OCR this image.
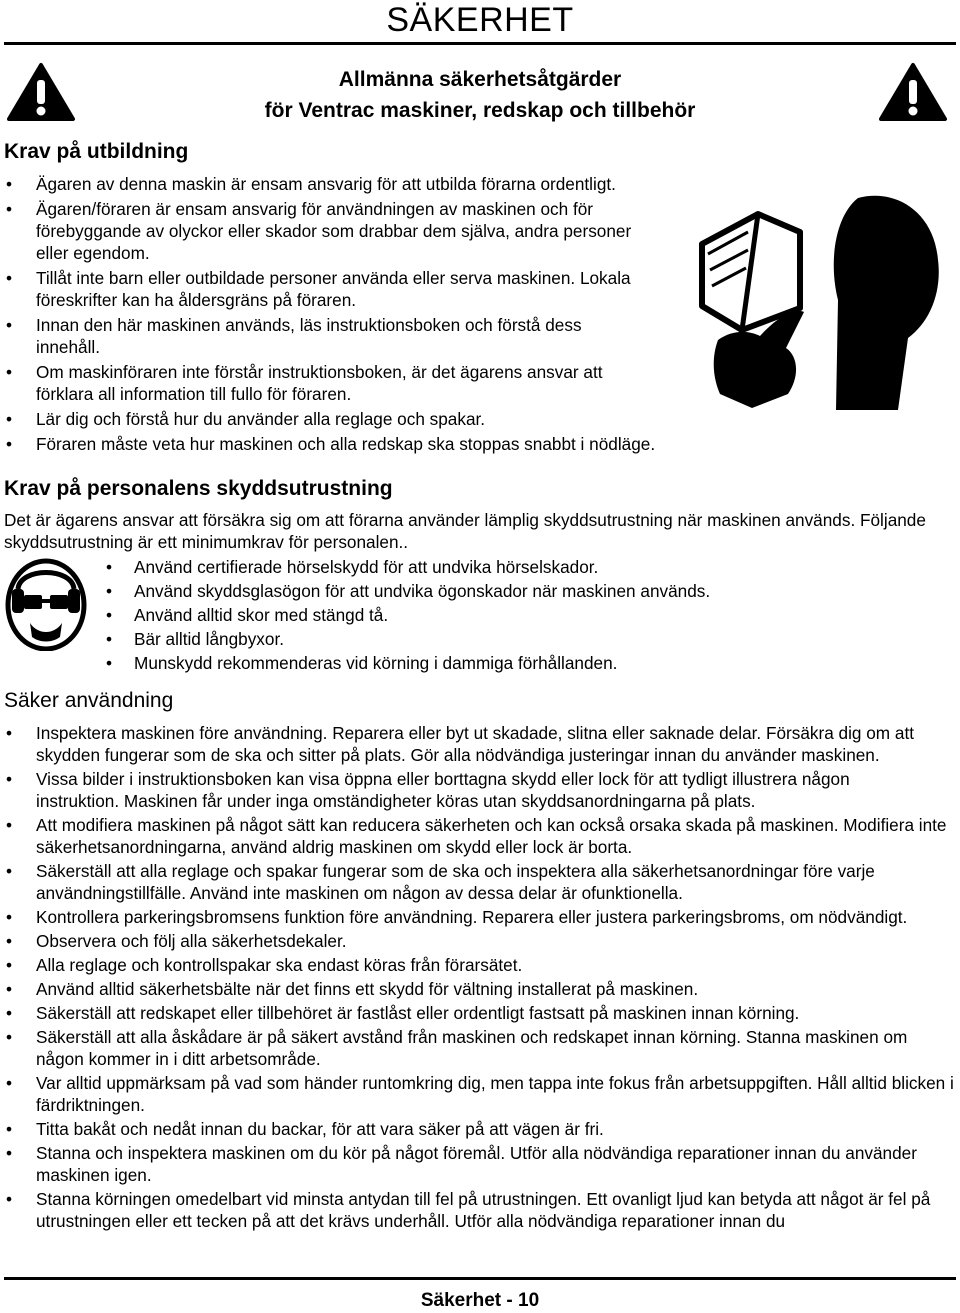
SÄKERHET
Allmänna säkerhetsåtgärder
för Ventrac maskiner, redskap och tillbehör
Krav på utbildning
• Ägaren av denna maskin är ensam ansvarig för att utbilda förarna ordentligt.
• Ägaren/föraren är ensam ansvarig för användningen av maskinen och för förebyggande av olyckor eller skador som drabbar dem själva, andra personer eller egendom.
• Tillåt inte barn eller outbildade personer använda eller serva maskinen. Lokala föreskrifter kan ha åldersgräns på föraren.
• Innan den här maskinen används, läs instruktionsboken och förstå dess innehåll.
• Om maskinföraren inte förstår instruktionsboken, är det ägarens ansvar att förklara all information till fullo för föraren.
• Lär dig och förstå hur du använder alla reglage och spakar.
• Föraren måste veta hur maskinen och alla redskap ska stoppas snabbt i nödläge.
Krav på personalens skyddsutrustning
Det är ägarens ansvar att försäkra sig om att förarna använder lämplig skyddsutrustning när maskinen används. Följande skyddsutrustning är ett minimumkrav för personalen..
• Använd certifierade hörselskydd för att undvika hörselskador.
• Använd skyddsglasögon för att undvika ögonskador när maskinen används.
• Använd alltid skor med stängd tå.
• Bär alltid långbyxor.
• Munskydd rekommenderas vid körning i dammiga förhållanden.
Säker användning
• Inspektera maskinen före användning. Reparera eller byt ut skadade, slitna eller saknade delar. Försäkra dig om att skydden fungerar som de ska och sitter på plats. Gör alla nödvändiga justeringar innan du använder maskinen.
• Vissa bilder i instruktionsboken kan visa öppna eller borttagna skydd eller lock för att tydligt illustrera någon instruktion. Maskinen får under inga omständigheter köras utan skyddsanordningarna på plats.
• Att modifiera maskinen på något sätt kan reducera säkerheten och kan också orsaka skada på maskinen. Modifiera inte säkerhetsanordningarna, använd aldrig maskinen om skydd eller lock är borta.
• Säkerställ att alla reglage och spakar fungerar som de ska och inspektera alla säkerhetsanordningar före varje användningstillfälle. Använd inte maskinen om någon av dessa delar är ofunktionella.
• Kontrollera parkeringsbromsens funktion före användning. Reparera eller justera parkeringsbroms, om nödvändigt.
• Observera och följ alla säkerhetsdekaler.
• Alla reglage och kontrollspakar ska endast köras från förarsätet.
• Använd alltid säkerhetsbälte när det finns ett skydd för vältning installerat på maskinen.
• Säkerställ att redskapet eller tillbehöret är fastlåst eller ordentligt fastsatt på maskinen innan körning.
• Säkerställ att alla åskådare är på säkert avstånd från maskinen och redskapet innan körning. Stanna maskinen om någon kommer in i ditt arbetsområde.
• Var alltid uppmärksam på vad som händer runtomkring dig, men tappa inte fokus från arbetsuppgiften. Håll alltid blicken i färdriktningen.
• Titta bakåt och nedåt innan du backar, för att vara säker på att vägen är fri.
• Stanna och inspektera maskinen om du kör på något föremål. Utför alla nödvändiga reparationer innan du använder maskinen igen.
• Stanna körningen omedelbart vid minsta antydan till fel på utrustningen. Ett ovanligt ljud kan betyda att något är fel på utrustningen eller ett tecken på att det krävs underhåll. Utför alla nödvändiga reparationer innan du
Säkerhet - 10
